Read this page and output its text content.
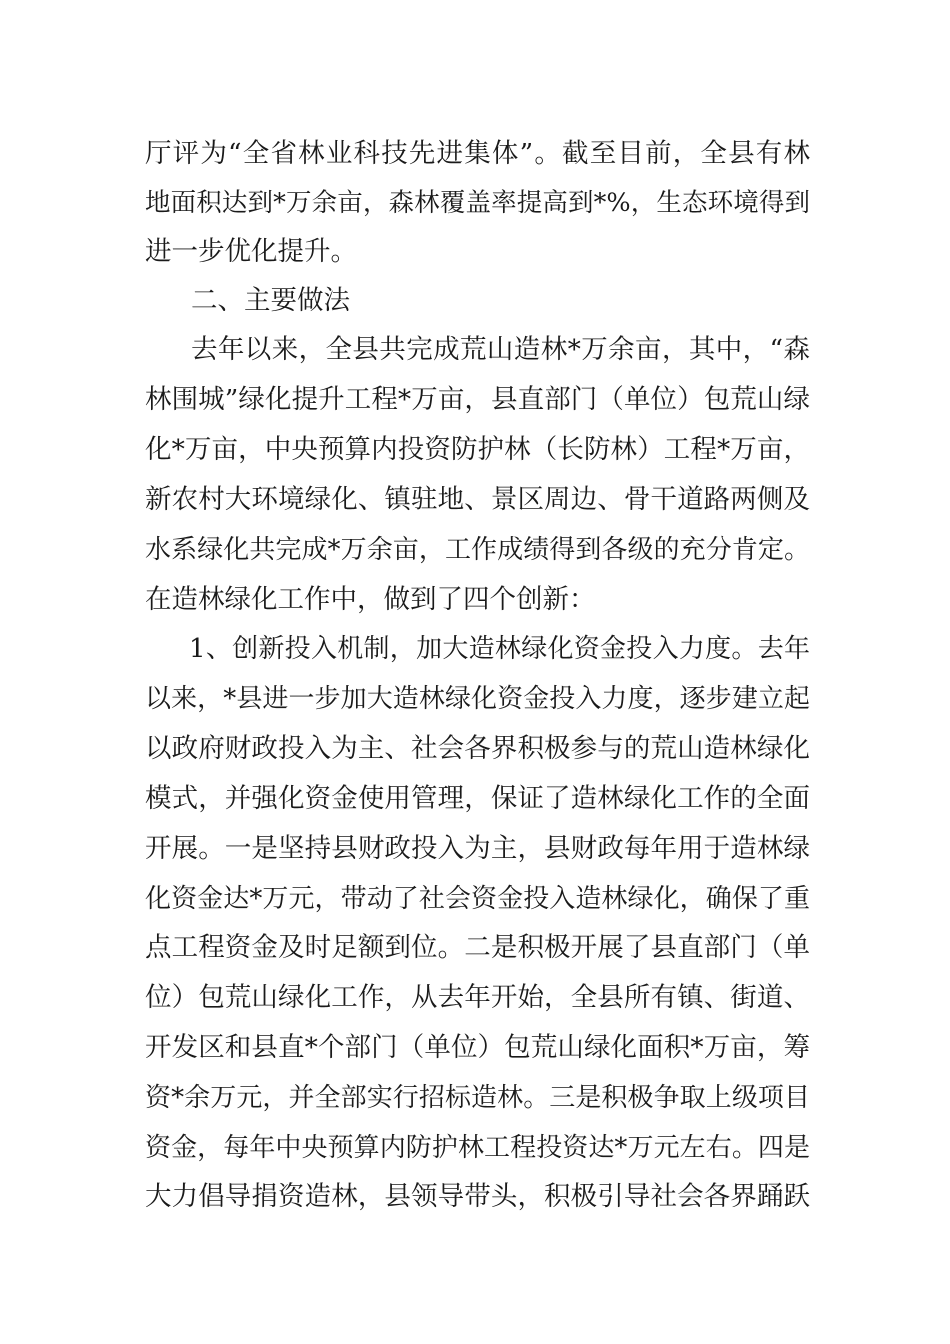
厅评为“全省林业科技先进集体”。截至目前，全县有林
地面积达到*万余亩，森林覆盖率提高到*%，生态环境得到
进一步优化提升。
二、主要做法
去年以来，全县共完成荒山造林*万余亩，其中，“森
林围城”绿化提升工程*万亩，县直部门（单位）包荒山绿
化*万亩，中央预算内投资防护林（长防林）工程*万亩，
新农村大环境绿化、镇驻地、景区周边、骨干道路两侧及
水系绿化共完成*万余亩，工作成绩得到各级的充分肯定。
在造林绿化工作中，做到了四个创新：
1、创新投入机制，加大造林绿化资金投入力度。去年
以来，*县进一步加大造林绿化资金投入力度，逐步建立起
以政府财政投入为主、社会各界积极参与的荒山造林绿化
模式，并强化资金使用管理，保证了造林绿化工作的全面
开展。一是坚持县财政投入为主，县财政每年用于造林绿
化资金达*万元，带动了社会资金投入造林绿化，确保了重
点工程资金及时足额到位。二是积极开展了县直部门（单
位）包荒山绿化工作，从去年开始，全县所有镇、街道、
开发区和县直*个部门（单位）包荒山绿化面积*万亩，筹
资*余万元，并全部实行招标造林。三是积极争取上级项目
资金，每年中央预算内防护林工程投资达*万元左右。四是
大力倡导捐资造林，县领导带头，积极引导社会各界踊跃
